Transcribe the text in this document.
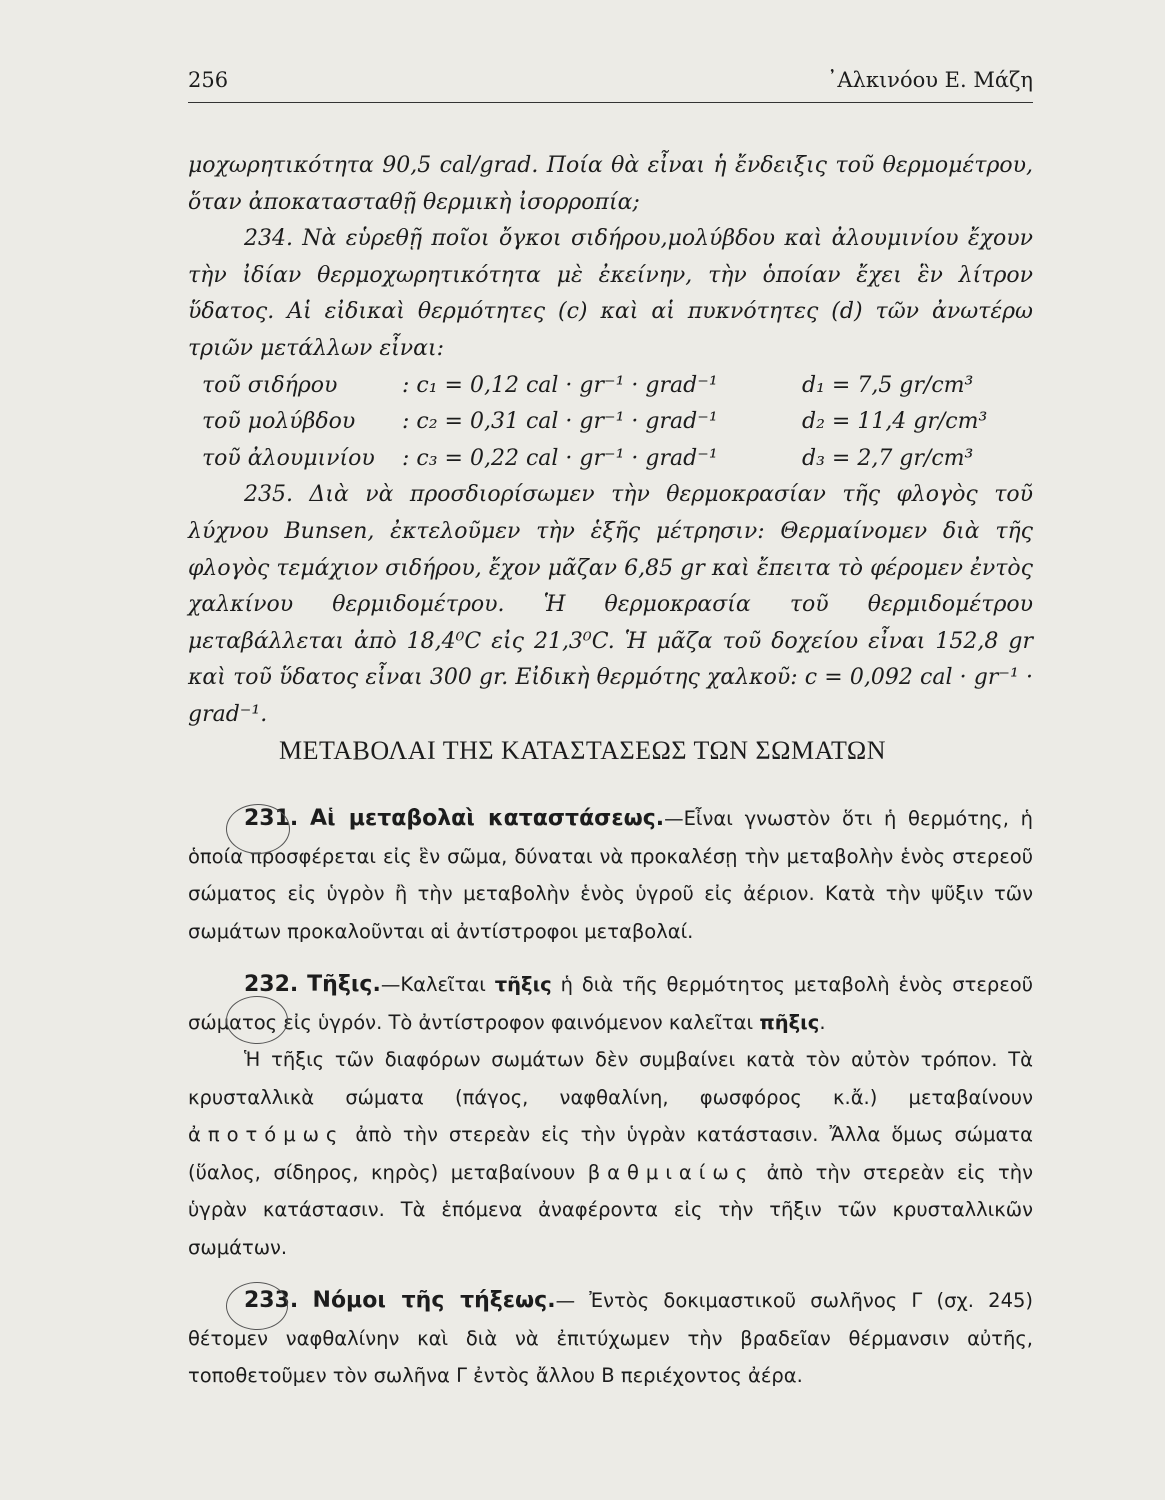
256	᾿Αλκινόου Ε. Μάζη

μοχωρητικότητα 90,5 cal/grad. Ποία θὰ εἶναι ἡ ἔνδειξις τοῦ θερμομέτρου, ὅταν ἀποκατασταθῇ θερμικὴ ἰσορροπία;

234. Νὰ εὑρεθῇ ποῖοι ὄγκοι σιδήρου,μολύβδου καὶ ἀλουμινίου ἔχουν τὴν ἰδίαν θερμοχωρητικότητα μὲ ἐκείνην, τὴν ὁποίαν ἔχει ἓν λίτρον ὕδατος. Αἱ εἰδικαὶ θερμότητες (c) καὶ αἱ πυκνότητες (d) τῶν ἀνωτέρω τριῶν μετάλλων εἶναι:

τοῦ σιδήρου	: c₁ = 0,12 cal · gr⁻¹ · grad⁻¹	d₁ = 7,5 gr/cm³
τοῦ μολύβδου	: c₂ = 0,31 cal · gr⁻¹ · grad⁻¹	d₂ = 11,4 gr/cm³
τοῦ ἀλουμινίου	: c₃ = 0,22 cal · gr⁻¹ · grad⁻¹	d₃ = 2,7 gr/cm³

235. Διὰ νὰ προσδιορίσωμεν τὴν θερμοκρασίαν τῆς φλογὸς τοῦ λύχνου Bunsen, ἐκτελοῦμεν τὴν ἑξῆς μέτρησιν: Θερμαίνομεν διὰ τῆς φλογὸς τεμάχιον σιδήρου, ἔχον μᾶζαν 6,85 gr καὶ ἔπειτα τὸ φέρομεν ἐντὸς χαλκίνου θερμιδομέτρου. Ἡ θερμοκρασία τοῦ θερμιδομέτρου μεταβάλλεται ἀπὸ 18,4⁰C εἰς 21,3⁰C. Ἡ μᾶζα τοῦ δοχείου εἶναι 152,8 gr καὶ τοῦ ὕδατος εἶναι 300 gr. Εἰδικὴ θερμότης χαλκοῦ: c = 0,092 cal · gr⁻¹ · grad⁻¹.

ΜΕΤΑΒΟΛΑΙ ΤΗΣ ΚΑΤΑΣΤΑΣΕΩΣ ΤΩΝ ΣΩΜΑΤΩΝ

231. Αἱ μεταβολαὶ καταστάσεως.—Εἶναι γνωστὸν ὅτι ἡ θερμότης, ἡ ὁποία προσφέρεται εἰς ἓν σῶμα, δύναται νὰ προκαλέσῃ τὴν μεταβολὴν ἑνὸς στερεοῦ σώματος εἰς ὑγρὸν ἢ τὴν μεταβολὴν ἑνὸς ὑγροῦ εἰς ἀέριον. Κατὰ τὴν ψῦξιν τῶν σωμάτων προκαλοῦνται αἱ ἀντίστροφοι μεταβολαί.

232. Τῆξις.—Καλεῖται τῆξις ἡ διὰ τῆς θερμότητος μεταβολὴ ἑνὸς στερεοῦ σώματος εἰς ὑγρόν. Τὸ ἀντίστροφον φαινόμενον καλεῖται πῆξις.

Ἡ τῆξις τῶν διαφόρων σωμάτων δὲν συμβαίνει κατὰ τὸν αὐτὸν τρόπον. Τὰ κρυσταλλικὰ σώματα (πάγος, ναφθαλίνη, φωσφόρος κ.ἄ.) μεταβαίνουν ἀποτόμως ἀπὸ τὴν στερεὰν εἰς τὴν ὑγρὰν κατάστασιν. Ἄλλα ὅμως σώματα (ὕαλος, σίδηρος, κηρὸς) μεταβαίνουν βαθμιαίως ἀπὸ τὴν στερεὰν εἰς τὴν ὑγρὰν κατάστασιν. Τὰ ἑπόμενα ἀναφέροντα εἰς τὴν τῆξιν τῶν κρυσταλλικῶν σωμάτων.

233. Νόμοι τῆς τήξεως.— Ἐντὸς δοκιμαστικοῦ σωλῆνος Γ (σχ. 245) θέτομεν ναφθαλίνην καὶ διὰ νὰ ἐπιτύχωμεν τὴν βραδεῖαν θέρμανσιν αὐτῆς, τοποθετοῦμεν τὸν σωλῆνα Γ ἐντὸς ἄλλου Β περιέχοντος ἀέρα.
